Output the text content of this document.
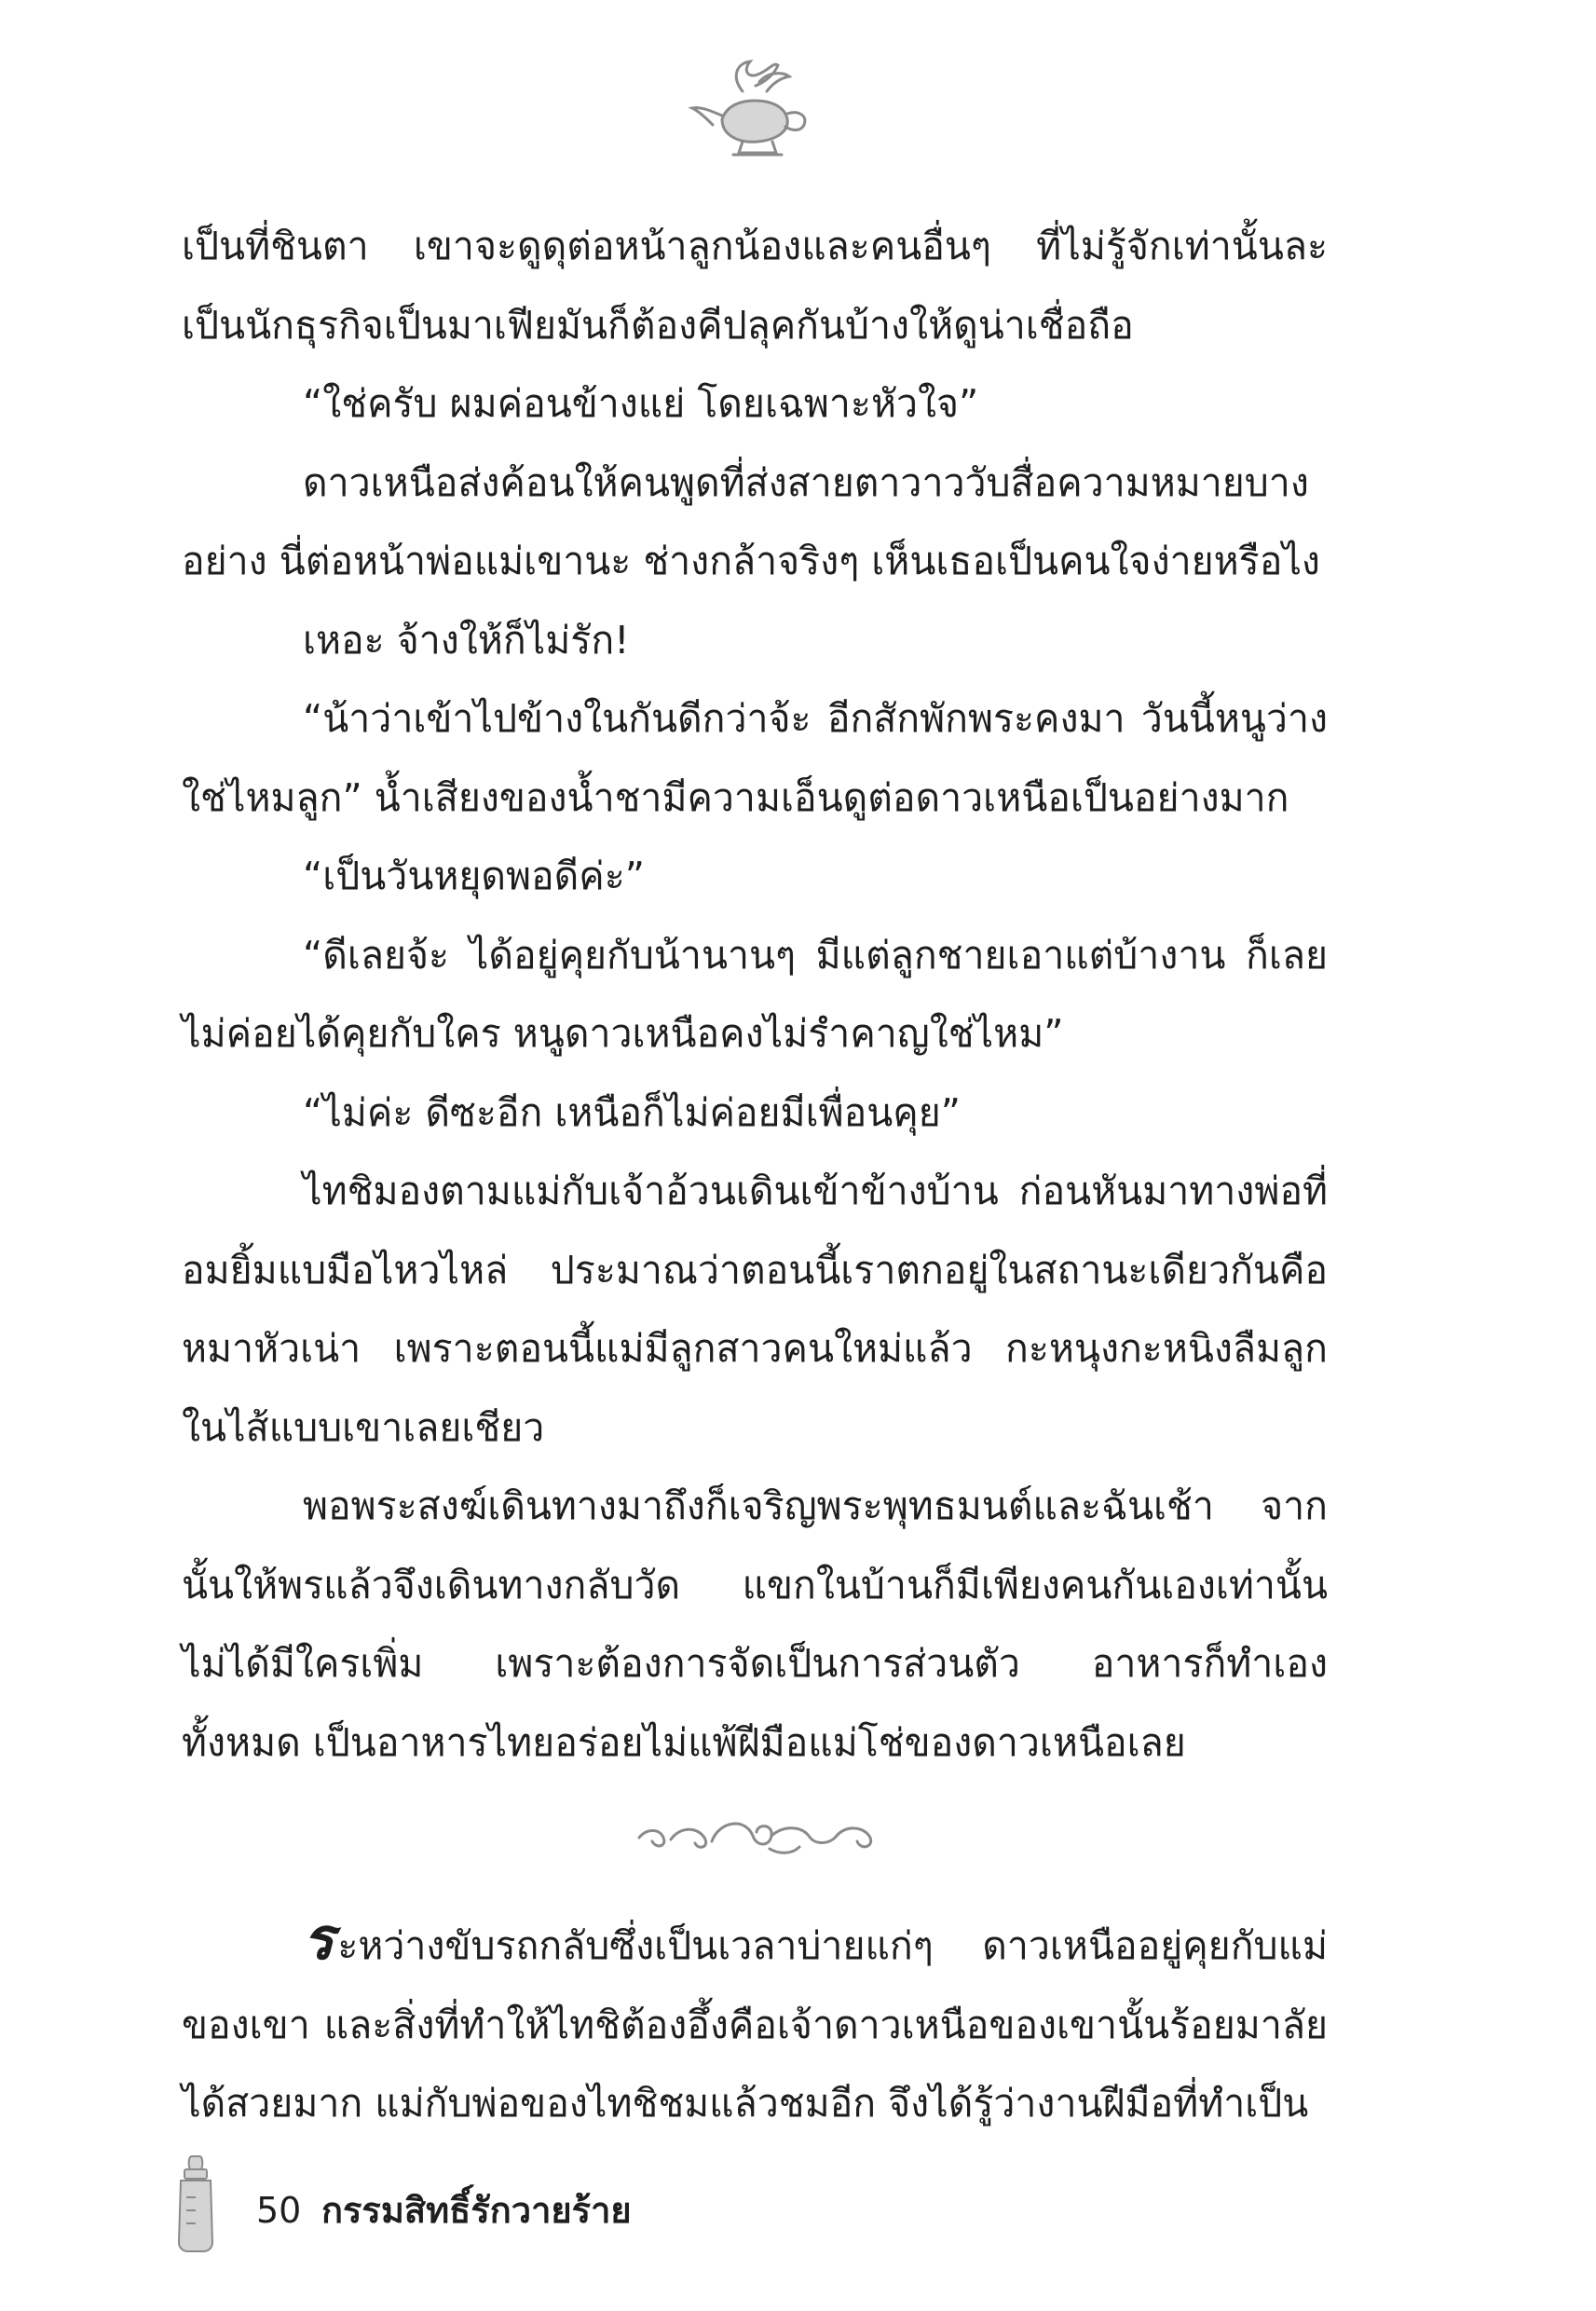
เป็นที่ชินตา เขาจะดูดุต่อหน้าลูกน้องและคนอื่นๆ ที่ไม่รู้จักเท่านั้นละ เป็นนักธุรกิจเป็นมาเฟียมันก็ต้องคีปลุคกันบ้างให้ดูน่าเชื่อถือ

“ใช่ครับ ผมค่อนข้างแย่ โดยเฉพาะหัวใจ”

ดาวเหนือส่งค้อนให้คนพูดที่ส่งสายตาวาววับสื่อความหมายบางอย่าง นี่ต่อหน้าพ่อแม่เขานะ ช่างกล้าจริงๆ เห็นเธอเป็นคนใจง่ายหรือไง

เหอะ จ้างให้ก็ไม่รัก!

“น้าว่าเข้าไปข้างในกันดีกว่าจ้ะ อีกสักพักพระคงมา วันนี้หนูว่างใช่ไหมลูก” น้ำเสียงของน้ำชามีความเอ็นดูต่อดาวเหนือเป็นอย่างมาก

“เป็นวันหยุดพอดีค่ะ”

“ดีเลยจ้ะ ได้อยู่คุยกับน้านานๆ มีแต่ลูกชายเอาแต่บ้างาน ก็เลยไม่ค่อยได้คุยกับใคร หนูดาวเหนือคงไม่รำคาญใช่ไหม”

“ไม่ค่ะ ดีซะอีก เหนือก็ไม่ค่อยมีเพื่อนคุย”

ไทชิมองตามแม่กับเจ้าอ้วนเดินเข้าข้างบ้าน ก่อนหันมาทางพ่อที่อมยิ้มแบมือไหวไหล่ ประมาณว่าตอนนี้เราตกอยู่ในสถานะเดียวกันคือหมาหัวเน่า เพราะตอนนี้แม่มีลูกสาวคนใหม่แล้ว กะหนุงกะหนิงลืมลูกในไส้แบบเขาเลยเชียว

พอพระสงฆ์เดินทางมาถึงก็เจริญพระพุทธมนต์และฉันเช้า จากนั้นให้พรแล้วจึงเดินทางกลับวัด แขกในบ้านก็มีเพียงคนกันเองเท่านั้น ไม่ได้มีใครเพิ่ม เพราะต้องการจัดเป็นการส่วนตัว อาหารก็ทำเองทั้งหมด เป็นอาหารไทยอร่อยไม่แพ้ฝีมือแม่โช่ของดาวเหนือเลย

ระหว่างขับรถกลับซึ่งเป็นเวลาบ่ายแก่ๆ ดาวเหนืออยู่คุยกับแม่ของเขา และสิ่งที่ทำให้ไทชิต้องอึ้งคือเจ้าดาวเหนือของเขานั้นร้อยมาลัยได้สวยมาก แม่กับพ่อของไทชิชมแล้วชมอีก จึงได้รู้ว่างานฝีมือที่ทำเป็น

50 กรรมสิทธิ์รักวายร้าย
